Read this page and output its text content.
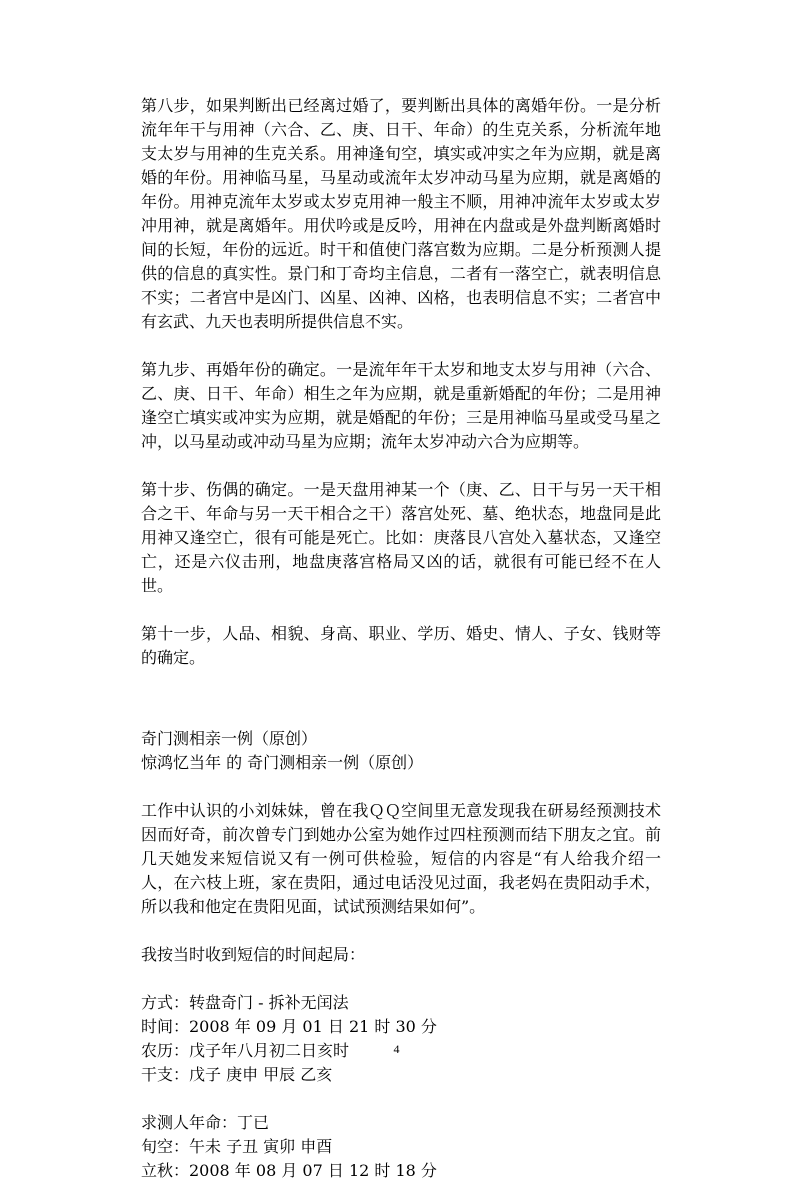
第八步，如果判断出已经离过婚了，要判断出具体的离婚年份。一是分析流年年干与用神（六合、乙、庚、日干、年命）的生克关系，分析流年地支太岁与用神的生克关系。用神逢旬空，填实或冲实之年为应期，就是离婚的年份。用神临马星，马星动或流年太岁冲动马星为应期，就是离婚的年份。用神克流年太岁或太岁克用神一般主不顺，用神冲流年太岁或太岁冲用神，就是离婚年。用伏吟或是反吟，用神在内盘或是外盘判断离婚时间的长短，年份的远近。时干和值使门落宫数为应期。二是分析预测人提供的信息的真实性。景门和丁奇均主信息，二者有一落空亡，就表明信息不实；二者宫中是凶门、凶星、凶神、凶格，也表明信息不实；二者宫中有玄武、九天也表明所提供信息不实。

第九步、再婚年份的确定。一是流年年干太岁和地支太岁与用神（六合、乙、庚、日干、年命）相生之年为应期，就是重新婚配的年份；二是用神逢空亡填实或冲实为应期，就是婚配的年份；三是用神临马星或受马星之冲，以马星动或冲动马星为应期；流年太岁冲动六合为应期等。

第十步、伤偶的确定。一是天盘用神某一个（庚、乙、日干与另一天干相合之干、年命与另一天干相合之干）落宫处死、墓、绝状态，地盘同是此用神又逢空亡，很有可能是死亡。比如：庚落艮八宫处入墓状态，又逢空亡，还是六仪击刑，地盘庚落宫格局又凶的话，就很有可能已经不在人世。

第十一步，人品、相貌、身高、职业、学历、婚史、情人、子女、钱财等的确定。

奇门测相亲一例（原创）

惊鸿忆当年 的 奇门测相亲一例（原创）

工作中认识的小刘妹妹，曾在我ＱＱ空间里无意发现我在研易经预测技术因而好奇，前次曾专门到她办公室为她作过四柱预测而结下朋友之宜。前几天她发来短信说又有一例可供检验，短信的内容是“有人给我介绍一人，在六枝上班，家在贵阳，通过电话没见过面，我老妈在贵阳动手术，所以我和他定在贵阳见面，试试预测结果如何”。

我按当时收到短信的时间起局：

方式：转盘奇门 - 拆补无闰法

时间：2008 年 09 月 01 日 21 时 30 分

农历：戊子年八月初二日亥时

干支：戊子 庚申 甲辰 乙亥

求测人年命：丁已

旬空：午未 子丑 寅卯 申酉

立秋：2008 年 08 月 07 日 12 时 18 分

4
